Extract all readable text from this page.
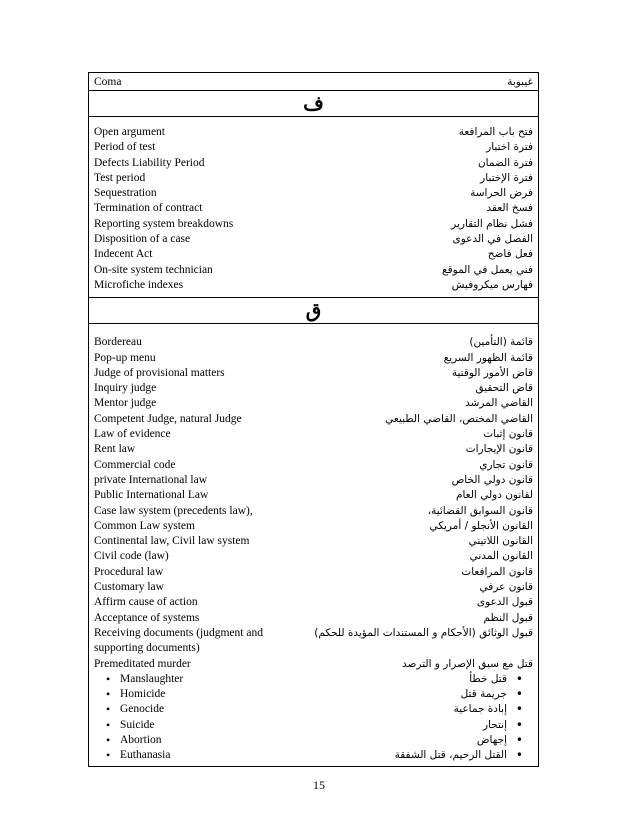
Coma	غيبوبة
ف
Open argument
Period of test
Defects Liability Period
Test period
Sequestration
Termination of contract
Reporting system breakdowns
Disposition of a case
Indecent Act
On-site system technician
Microfiche indexes
فتح باب المرافعة
فترة اختبار
فترة الضمان
فترة الإختبار
فرض الحراسة
فسخ العقد
فشل نظام التقارير
الفصل في الدعوى
فعل فاضح
فني يعمل في الموقع
فهارس ميكروفيش
ق
Bordereau
Pop-up menu
Judge of provisional matters
Inquiry judge
Mentor judge
Competent Judge, natural Judge
Law of evidence
Rent law
Commercial code
private International law
Public International Law
Case law system (precedents law),
Common Law system
Continental law, Civil law system
Civil code (law)
Procedural law
Customary law
Affirm cause of action
Acceptance of systems
Receiving documents (judgment and
supporting documents)
Premeditated murder
• Manslaughter
• Homicide
• Genocide
• Suicide
• Abortion
• Euthanasia
قائمة (التأمين)
قائمة الظهور السريع
قاض الأمور الوقتية
قاض التحقيق
القاضي المرشد
القاضي المختص، القاضي الطبيعي
قانون إثبات
قانون الإيجارات
قانون تجاري
قانون دولي الخاص
لقانون دولي العام
قانون السوابق القضائية،
القانون الأنجلو / أمريكي
القانون اللاتيني
القانون المدني
قانون المرافعات
قانون عرفي
قبول الدعوى
قبول النظم
قبول الوثائق (الأحكام و المستندات المؤيدة للحكم)
قتل مع سبق الإصرار و الترصد
• قتل خطأ
• جريمة قتل
• إبادة جماعية
• إنتحار
• إجهاض
• القتل الرحيم، قتل الشفقة
15
